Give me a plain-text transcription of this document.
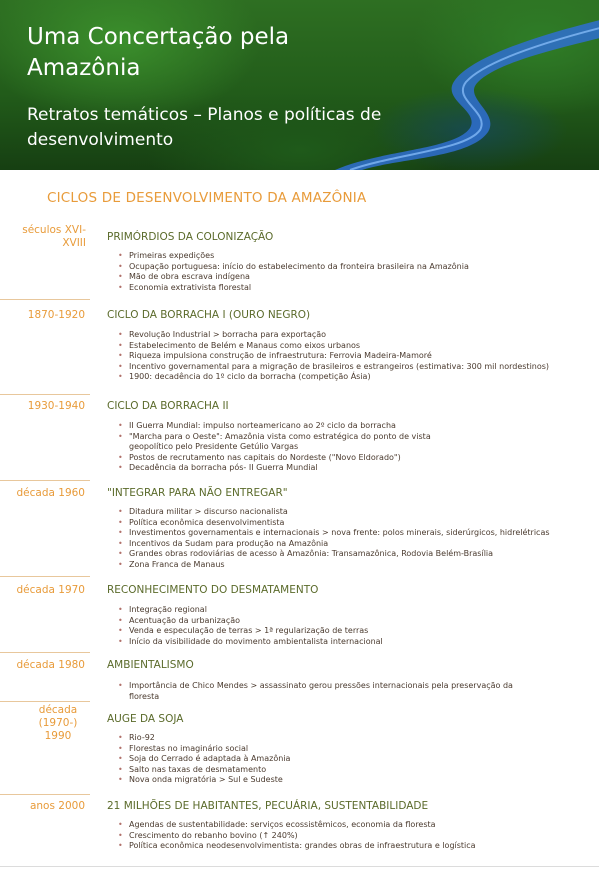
Uma Concertação pela Amazônia
Retratos temáticos – Planos e políticas de desenvolvimento
CICLOS DE DESENVOLVIMENTO DA AMAZÔNIA
séculos XVI-XVIII PRIMÓRDIOS DA COLONIZAÇÃO
• Primeiras expedições
• Ocupação portuguesa: início do estabelecimento da fronteira brasileira na Amazônia
• Mão de obra escrava indígena
• Economia extrativista florestal
1870-1920 CICLO DA BORRACHA I (OURO NEGRO)
• Revolução Industrial > borracha para exportação
• Estabelecimento de Belém e Manaus como eixos urbanos
• Riqueza impulsiona construção de infraestrutura: Ferrovia Madeira-Mamoré
• Incentivo governamental para a migração de brasileiros e estrangeiros (estimativa: 300 mil nordestinos)
• 1900: decadência do 1º ciclo da borracha (competição Ásia)
1930-1940 CICLO DA BORRACHA II
• II Guerra Mundial: impulso norteamericano ao 2º ciclo da borracha
• "Marcha para o Oeste": Amazônia vista como estratégica do ponto de vista geopolítico pelo Presidente Getúlio Vargas
• Postos de recrutamento nas capitais do Nordeste ("Novo Eldorado")
• Decadência da borracha pós- II Guerra Mundial
década 1960 "INTEGRAR PARA NÃO ENTREGAR"
• Ditadura militar > discurso nacionalista
• Política econômica desenvolvimentista
• Investimentos governamentais e internacionais > nova frente: polos minerais, siderúrgicos, hidrelétricas
• Incentivos da Sudam para produção na Amazônia
• Grandes obras rodoviárias de acesso à Amazônia: Transamazônica, Rodovia Belém-Brasília
• Zona Franca de Manaus
década 1970 RECONHECIMENTO DO DESMATAMENTO
• Integração regional
• Acentuação da urbanização
• Venda e especulação de terras > 1ª regularização de terras
• Início da visibilidade do movimento ambientalista internacional
década 1980 AMBIENTALISMO
• Importância de Chico Mendes > assassinato gerou pressões internacionais pela preservação da floresta
década (1970-) 1990
AUGE DA SOJA
• Rio-92
• Florestas no imaginário social
• Soja do Cerrado é adaptada à Amazônia
• Salto nas taxas de desmatamento
• Nova onda migratória > Sul e Sudeste
anos 2000 21 MILHÕES DE HABITANTES, PECUÁRIA, SUSTENTABILIDADE
• Agendas de sustentabilidade: serviços ecossistêmicos, economia da floresta
• Crescimento do rebanho bovino (↑ 240%)
• Política econômica neodesenvolvimentista: grandes obras de infraestrutura e logística
